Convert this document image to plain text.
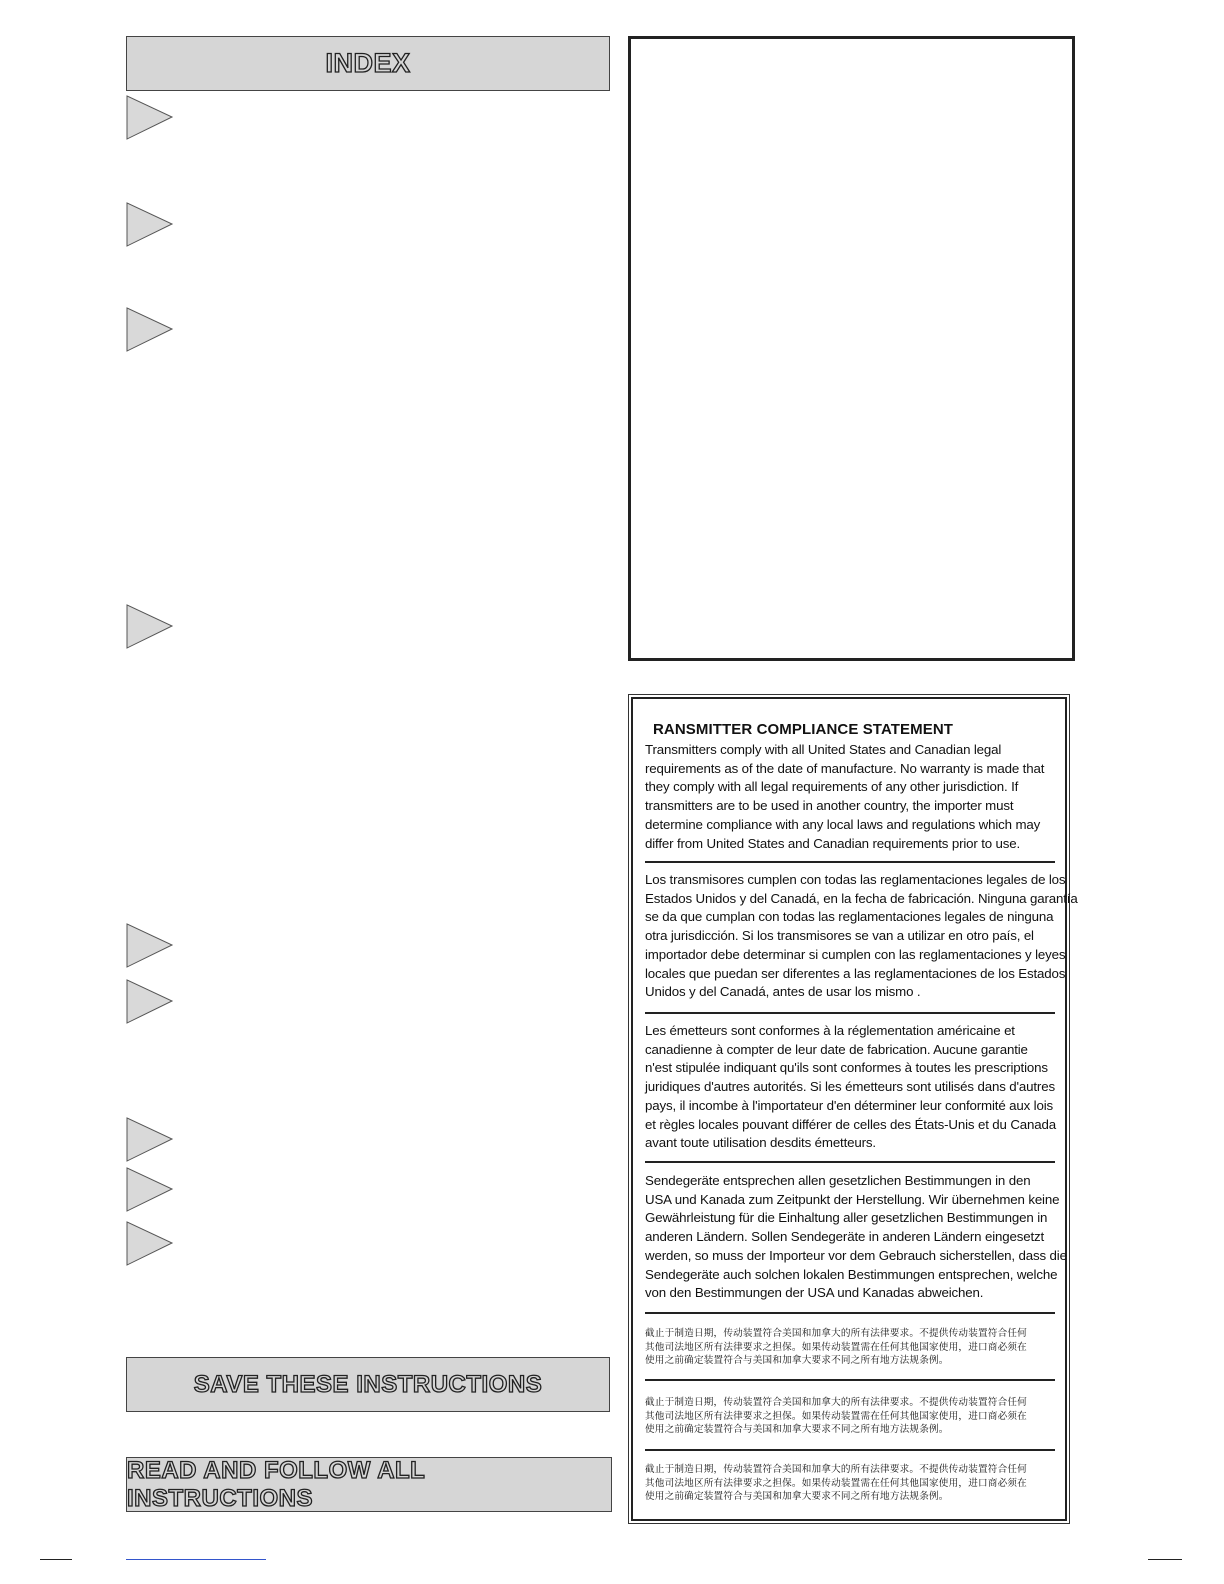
INDEX
SAVE THESE INSTRUCTIONS
READ AND FOLLOW ALL INSTRUCTIONS
RANSMITTER COMPLIANCE STATEMENT
Transmitters comply with all United States and Canadian legal
requirements as of the date of manufacture. No warranty is made that
they comply with all legal requirements of any other jurisdiction. If
transmitters are to be used in another country, the importer must
determine compliance with any local laws and regulations which may
differ from United States and Canadian requirements prior to use.
Los transmisores cumplen con todas las reglamentaciones legales de los
Estados Unidos y del Canadá, en la fecha de fabricación. Ninguna garantía
se da que cumplan con todas las reglamentaciones legales de ninguna
otra jurisdicción. Si los transmisores se van a utilizar en otro país, el
importador debe determinar si cumplen con las reglamentaciones y leyes
locales que puedan ser diferentes a las reglamentaciones de los Estados
Unidos y del Canadá, antes de usar los mismo .
Les émetteurs sont conformes à la réglementation américaine et
canadienne à compter de leur date de fabrication. Aucune garantie
n'est stipulée indiquant qu'ils sont conformes à toutes les prescriptions
juridiques d'autres autorités. Si les émetteurs sont utilisés dans d'autres
pays, il incombe à l'importateur d'en déterminer leur conformité aux lois
et règles locales pouvant différer de celles des États-Unis et du Canada
avant toute utilisation desdits émetteurs.
Sendegeräte entsprechen allen gesetzlichen Bestimmungen in den
USA und Kanada zum Zeitpunkt der Herstellung. Wir übernehmen keine
Gewährleistung für die Einhaltung aller gesetzlichen Bestimmungen in
anderen Ländern. Sollen Sendegeräte in anderen Ländern eingesetzt
werden, so muss der Importeur vor dem Gebrauch sicherstellen, dass die
Sendegeräte auch solchen lokalen Bestimmungen entsprechen, welche
von den Bestimmungen der USA und Kanadas abweichen.
截止于制造日期，传动装置符合美国和加拿大的所有法律要求。不提供传动装置符合任何
其他司法地区所有法律要求之担保。如果传动装置需在任何其他国家使用，进口商必须在
使用之前确定装置符合与美国和加拿大要求不同之所有地方法规条例。
截止于制造日期，传动装置符合美国和加拿大的所有法律要求。不提供传动装置符合任何
其他司法地区所有法律要求之担保。如果传动装置需在任何其他国家使用，进口商必须在
使用之前确定装置符合与美国和加拿大要求不同之所有地方法规条例。
截止于制造日期，传动装置符合美国和加拿大的所有法律要求。不提供传动装置符合任何
其他司法地区所有法律要求之担保。如果传动装置需在任何其他国家使用，进口商必须在
使用之前确定装置符合与美国和加拿大要求不同之所有地方法规条例。
